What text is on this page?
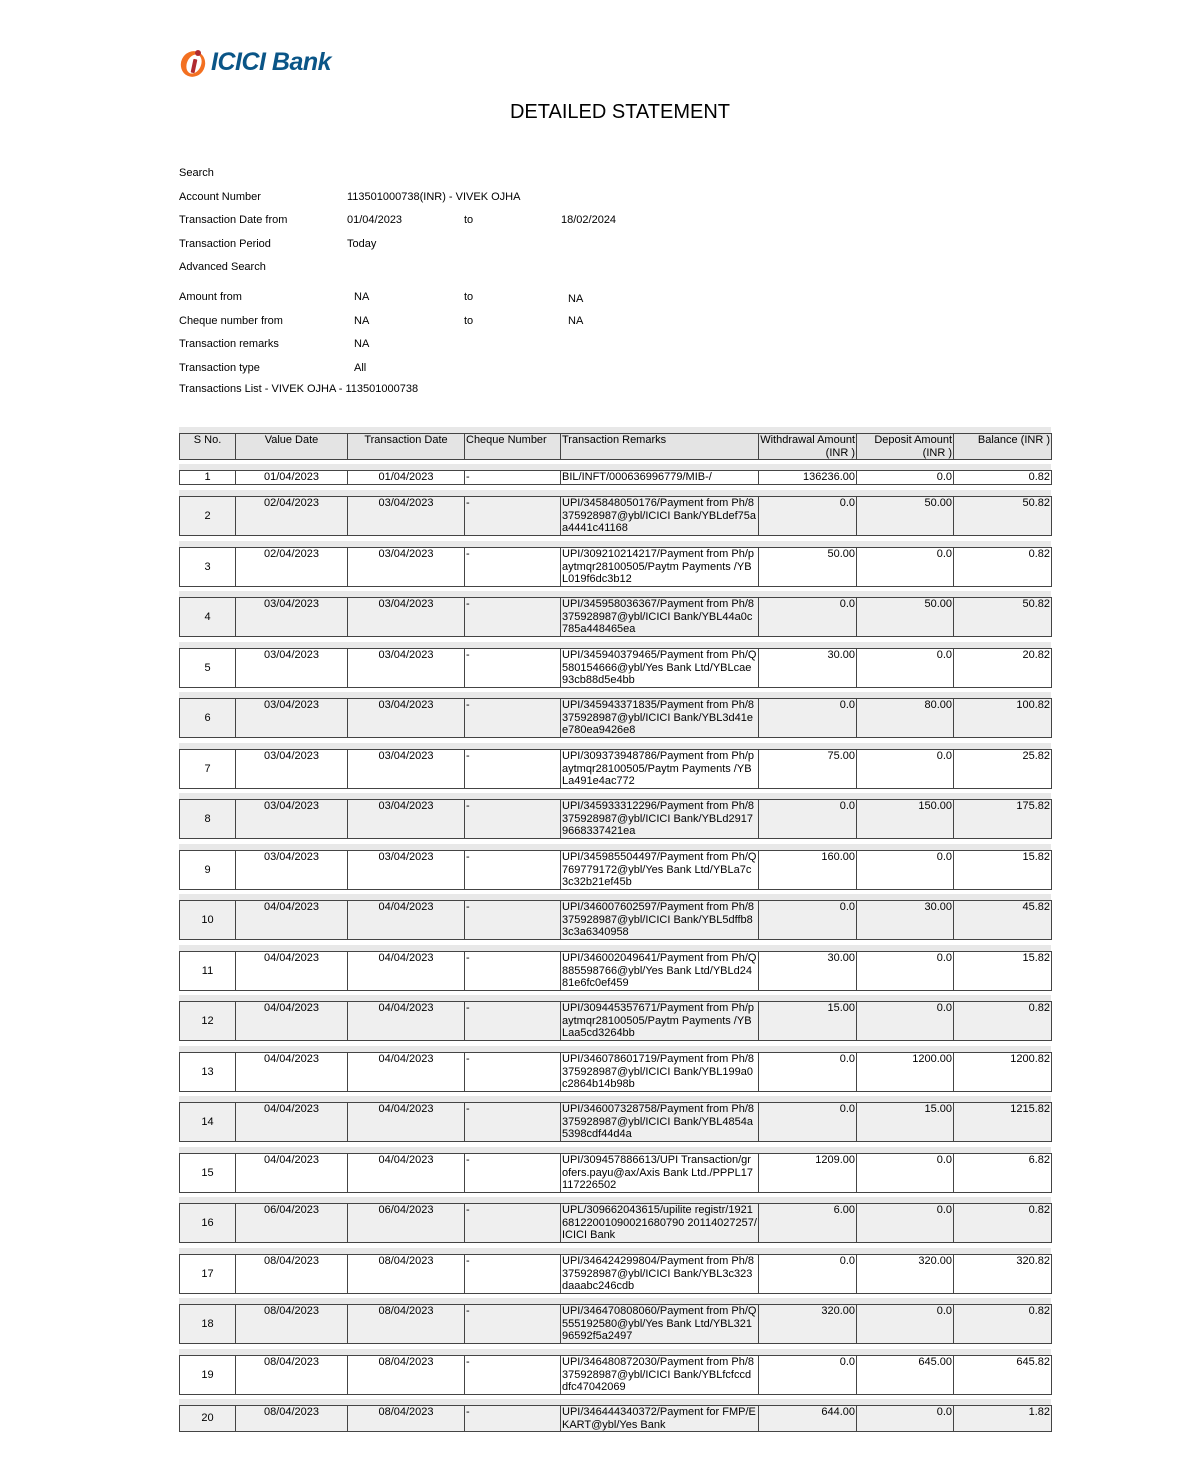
ICICI Bank
DETAILED STATEMENT
Search
Account Number	113501000738(INR) - VIVEK OJHA
Transaction Date from	01/04/2023	to	18/02/2024
Transaction Period	Today
Advanced Search
Amount from	NA	to	NA
Cheque number from	NA	to	NA
Transaction remarks	NA
Transaction type	All
Transactions List - VIVEK OJHA - 113501000738
S No.	Value Date	Transaction Date	Cheque Number	Transaction Remarks	Withdrawal Amount (INR )	Deposit Amount (INR )	Balance (INR )
1	01/04/2023	01/04/2023	-	BIL/INFT/000636996779/MIB-/	136236.00	0.0	0.82
2	02/04/2023	03/04/2023	-	UPI/345848050176/Payment from Ph/8375928987@ybl/ICICI Bank/YBLdef75aa4441c41168	0.0	50.00	50.82
3	02/04/2023	03/04/2023	-	UPI/309210214217/Payment from Ph/paytmqr28100505/Paytm Payments /YBL019f6dc3b12	50.00	0.0	0.82
4	03/04/2023	03/04/2023	-	UPI/345958036367/Payment from Ph/8375928987@ybl/ICICI Bank/YBL44a0c785a448465ea	0.0	50.00	50.82
5	03/04/2023	03/04/2023	-	UPI/345940379465/Payment from Ph/Q580154666@ybl/Yes Bank Ltd/YBLcae93cb88d5e4bb	30.00	0.0	20.82
6	03/04/2023	03/04/2023	-	UPI/345943371835/Payment from Ph/8375928987@ybl/ICICI Bank/YBL3d41ee780ea9426e8	0.0	80.00	100.82
7	03/04/2023	03/04/2023	-	UPI/309373948786/Payment from Ph/paytmqr28100505/Paytm Payments /YBLa491e4ac772	75.00	0.0	25.82
8	03/04/2023	03/04/2023	-	UPI/345933312296/Payment from Ph/8375928987@ybl/ICICI Bank/YBLd29179668337421ea	0.0	150.00	175.82
9	03/04/2023	03/04/2023	-	UPI/345985504497/Payment from Ph/Q769779172@ybl/Yes Bank Ltd/YBLa7c3c32b21ef45b	160.00	0.0	15.82
10	04/04/2023	04/04/2023	-	UPI/346007602597/Payment from Ph/8375928987@ybl/ICICI Bank/YBL5dffb83c3a6340958	0.0	30.00	45.82
11	04/04/2023	04/04/2023	-	UPI/346002049641/Payment from Ph/Q885598766@ybl/Yes Bank Ltd/YBLd2481e6fc0ef459	30.00	0.0	15.82
12	04/04/2023	04/04/2023	-	UPI/309445357671/Payment from Ph/paytmqr28100505/Paytm Payments /YBLaa5cd3264bb	15.00	0.0	0.82
13	04/04/2023	04/04/2023	-	UPI/346078601719/Payment from Ph/8375928987@ybl/ICICI Bank/YBL199a0c2864b14b98b	0.0	1200.00	1200.82
14	04/04/2023	04/04/2023	-	UPI/346007328758/Payment from Ph/8375928987@ybl/ICICI Bank/YBL4854a5398cdf44d4a	0.0	15.00	1215.82
15	04/04/2023	04/04/2023	-	UPI/309457886613/UPI Transaction/grofers.payu@ax/Axis Bank Ltd./PPPL17117226502	1209.00	0.0	6.82
16	06/04/2023	06/04/2023	-	UPL/309662043615/upilite registr/192168122001090021680790 20114027257/ICICI Bank	6.00	0.0	0.82
17	08/04/2023	08/04/2023	-	UPI/346424299804/Payment from Ph/8375928987@ybl/ICICI Bank/YBL3c323daaabc246cdb	0.0	320.00	320.82
18	08/04/2023	08/04/2023	-	UPI/346470808060/Payment from Ph/Q555192580@ybl/Yes Bank Ltd/YBL32196592f5a2497	320.00	0.0	0.82
19	08/04/2023	08/04/2023	-	UPI/346480872030/Payment from Ph/8375928987@ybl/ICICI Bank/YBLfcfccddfc47042069	0.0	645.00	645.82
20	08/04/2023	08/04/2023	-	UPI/346444340372/Payment for FMP/EKART@ybl/Yes Bank	644.00	0.0	1.82
